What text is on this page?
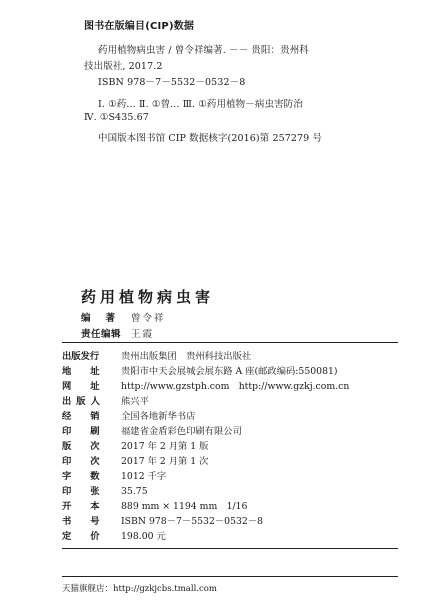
图书在版编目(CIP)数据
药用植物病虫害 / 曾令祥编著. －－ 贵阳：贵州科
技出版社, 2017.2
ISBN 978－7－5532－0532－8
Ⅰ. ①药… Ⅱ. ①曾… Ⅲ. ①药用植物－病虫害防治
Ⅳ. ①S435.67
中国版本图书馆 CIP 数据核字(2016)第 257279 号
药用植物病虫害
编著曾令祥
责任编辑 王霞
出版发行 贵州出版集团　贵州科技出版社
地址 贵阳市中天会展城会展东路 A 座(邮政编码:550081)
网址 http://www.gzstph.com　http://www.gzkj.com.cn
出版人 熊兴平
经销 全国各地新华书店
印刷 福建省金盾彩色印刷有限公司
版次 2017 年 2 月第 1 版
印次 2017 年 2 月第 1 次
字数 1012 千字
印张 35.75
开本 889 mm × 1194 mm　1/16
书号 ISBN 978－7－5532－0532－8
定价 198.00 元
天猫旗舰店：http://gzkjcbs.tmall.com
